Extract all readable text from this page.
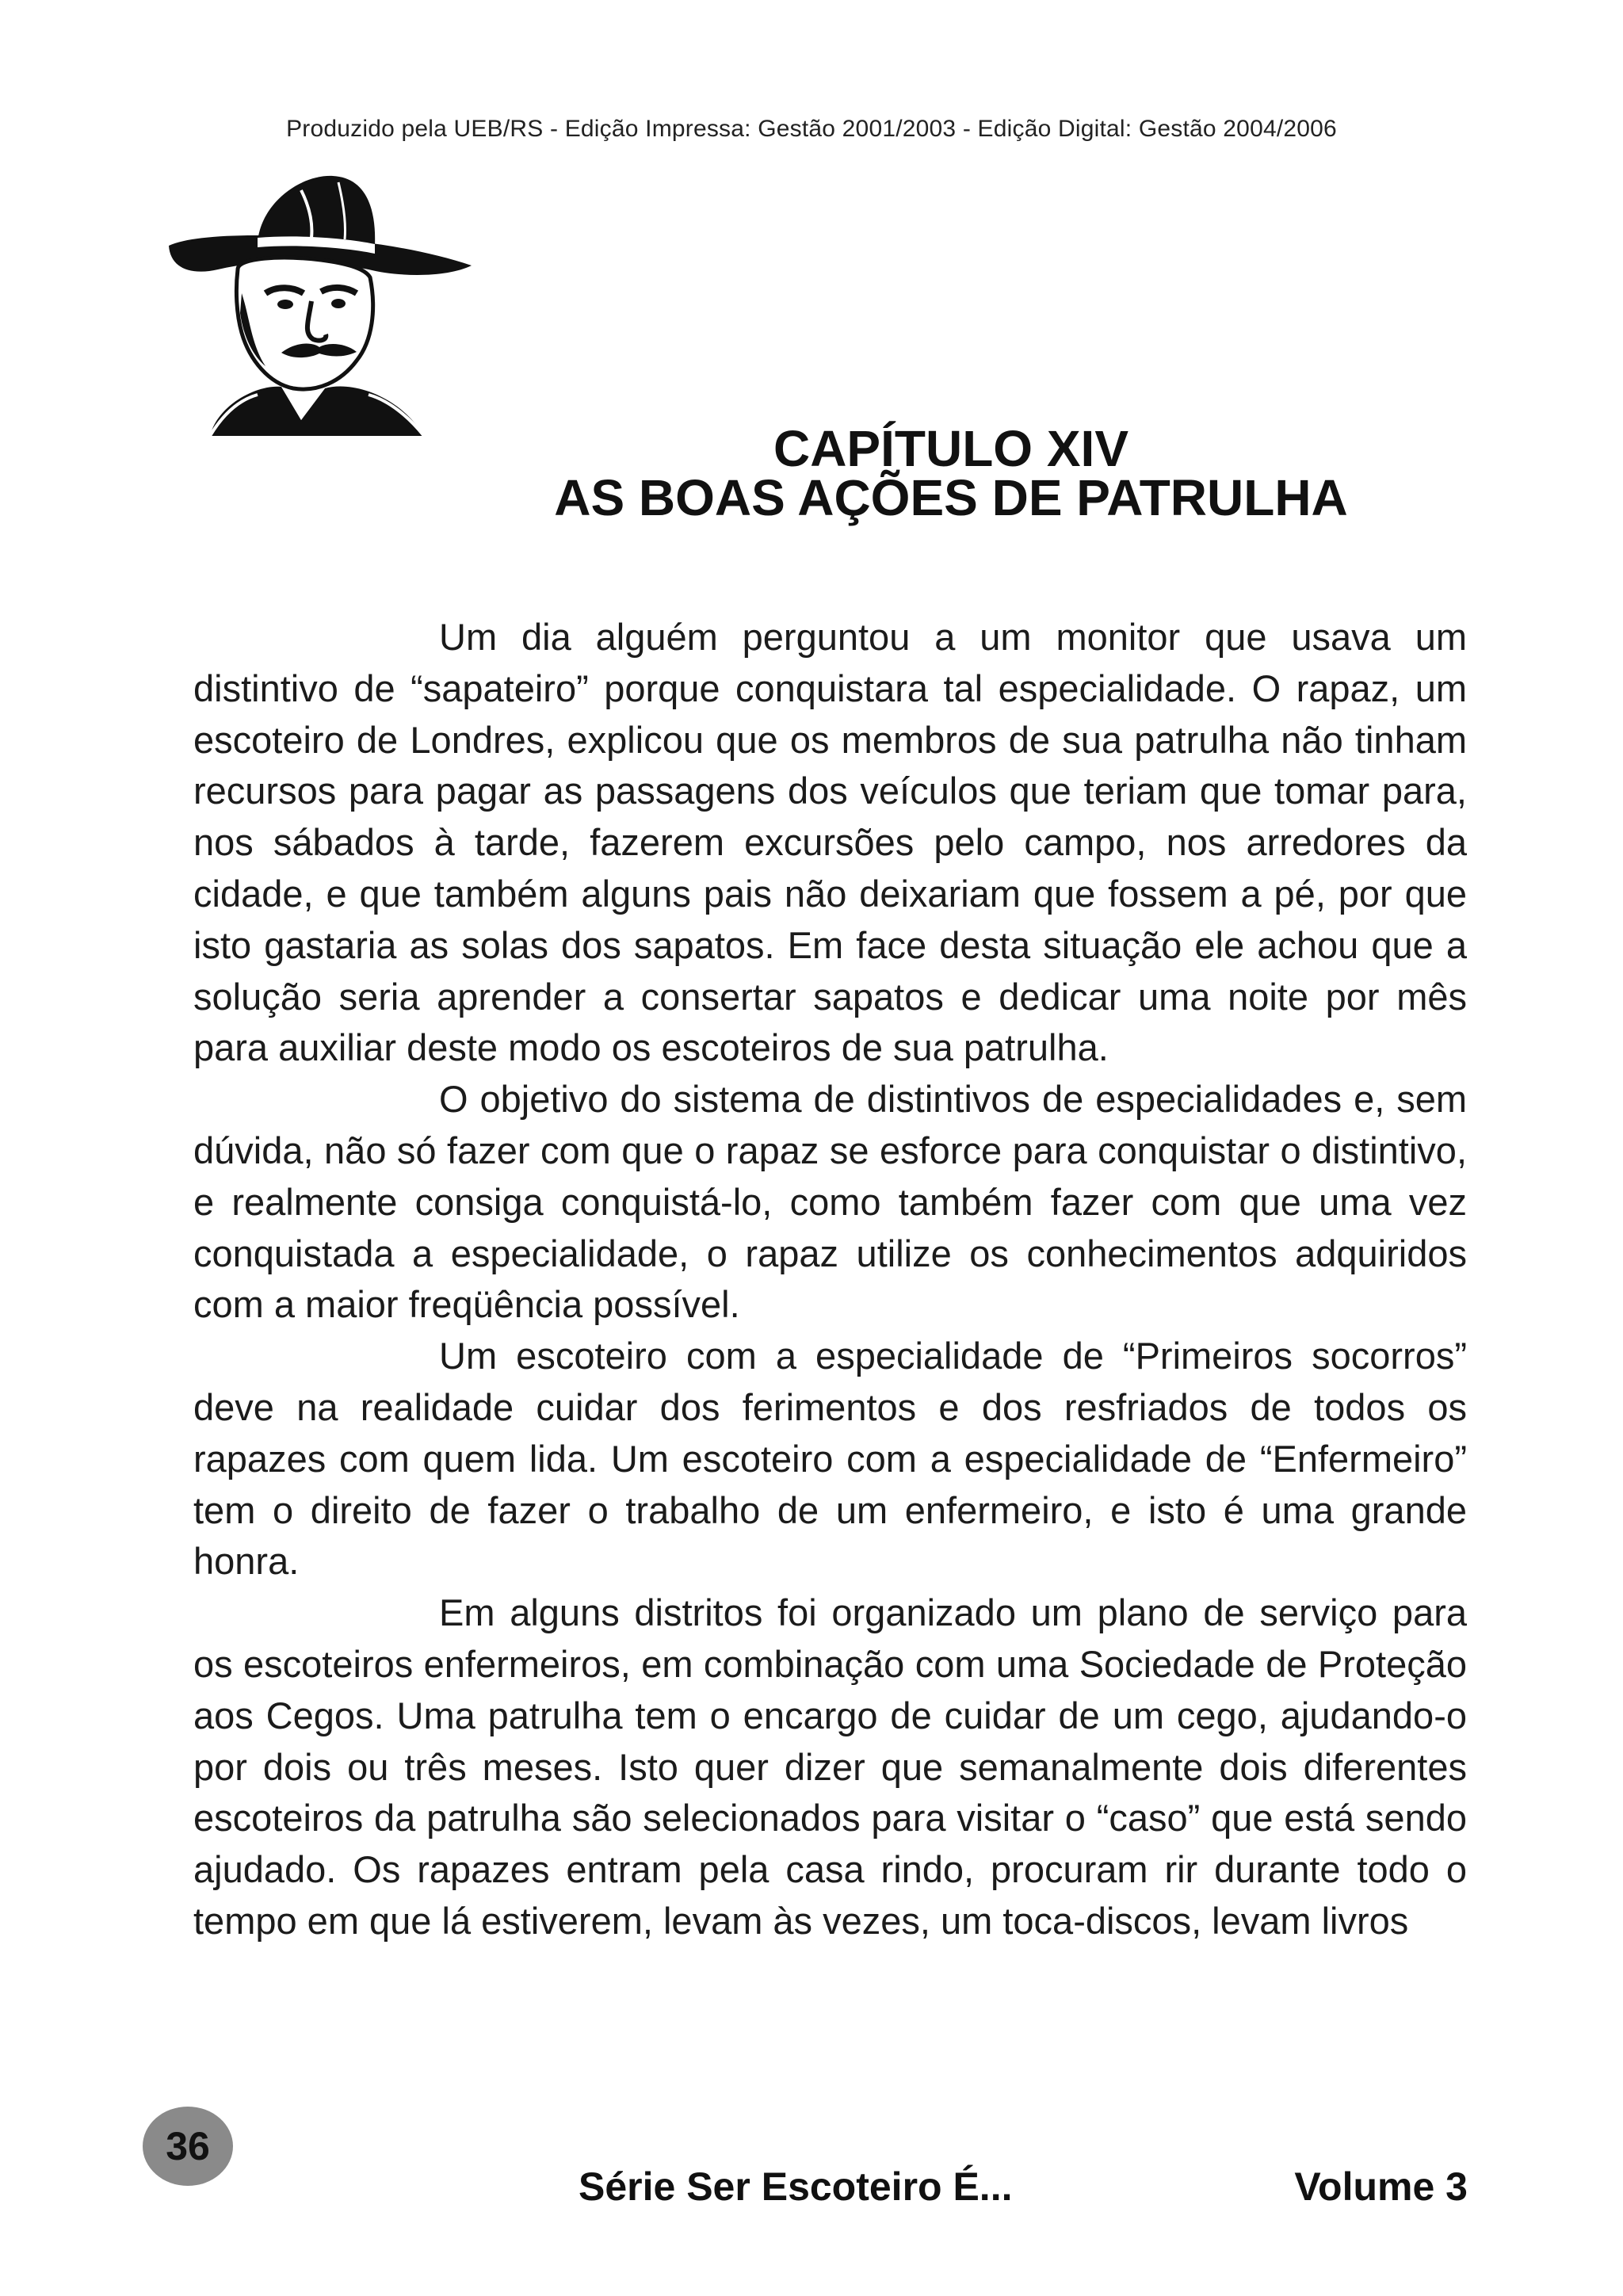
Produzido pela UEB/RS - Edição Impressa: Gestão 2001/2003 - Edição Digital: Gestão 2004/2006
CAPÍTULO XIV
AS BOAS AÇÕES DE PATRULHA

Um dia alguém perguntou a um monitor que usava um distintivo de “sapateiro” porque conquistara tal especialidade. O rapaz, um escoteiro de Londres, explicou que os membros de sua patrulha não tinham recursos para pagar as passagens dos veículos que teriam que tomar para, nos sábados à tarde, fazerem excursões pelo campo, nos arredores da cidade, e que também alguns pais não deixariam que fossem a pé, por que isto gastaria as solas dos sapatos. Em face desta situação ele achou que a solução seria aprender a consertar sapatos e dedicar uma noite por mês para auxiliar deste modo os escoteiros de sua patrulha.

O objetivo do sistema de distintivos de especialidades e, sem dúvida, não só fazer com que o rapaz se esforce para conquistar o distintivo, e realmente consiga conquistá-lo, como também fazer com que uma vez conquistada a especialidade, o rapaz utilize os conhecimentos adquiridos com a maior freqüência possível.

Um escoteiro com a especialidade de “Primeiros socorros” deve na realidade cuidar dos ferimentos e dos resfriados de todos os rapazes com quem lida. Um escoteiro com a especialidade de “Enfermeiro” tem o direito de fazer o trabalho de um enfermeiro, e isto é uma grande honra.

Em alguns distritos foi organizado um plano de serviço para os escoteiros enfermeiros, em combinação com uma Sociedade de Proteção aos Cegos. Uma patrulha tem o encargo de cuidar de um cego, ajudando-o por dois ou três meses. Isto quer dizer que semanalmente dois diferentes escoteiros da patrulha são selecionados para visitar o “caso” que está sendo ajudado. Os rapazes entram pela casa rindo, procuram rir durante todo o tempo em que lá estiverem, levam às vezes, um toca-discos, levam livros

36
Série Ser Escoteiro É...	Volume 3
